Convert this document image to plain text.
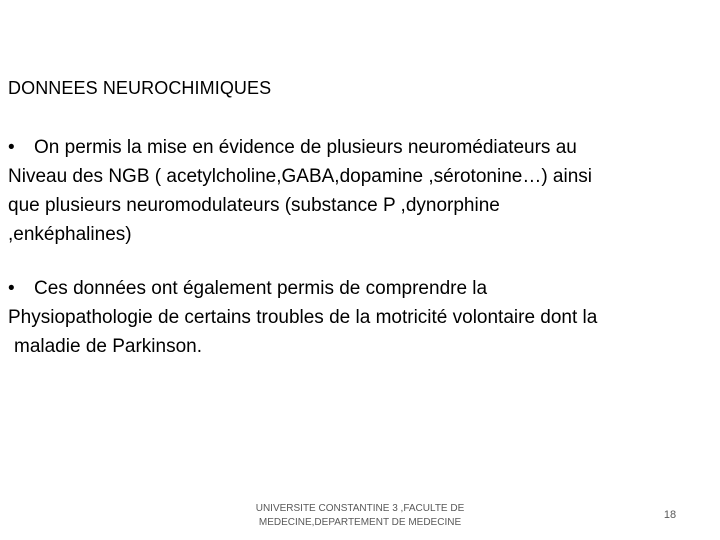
DONNEES NEUROCHIMIQUES
• On permis la mise en évidence de plusieurs neuromédiateurs au
Niveau des NGB ( acetylcholine,GABA,dopamine ,sérotonine…) ainsi
que plusieurs neuromodulateurs (substance P ,dynorphine
,enképhalines)
• Ces données ont également permis de comprendre la
Physiopathologie de certains troubles de la motricité volontaire dont la
maladie de Parkinson.
UNIVERSITE CONSTANTINE 3 ,FACULTE DE
MEDECINE,DEPARTEMENT DE MEDECINE
18
